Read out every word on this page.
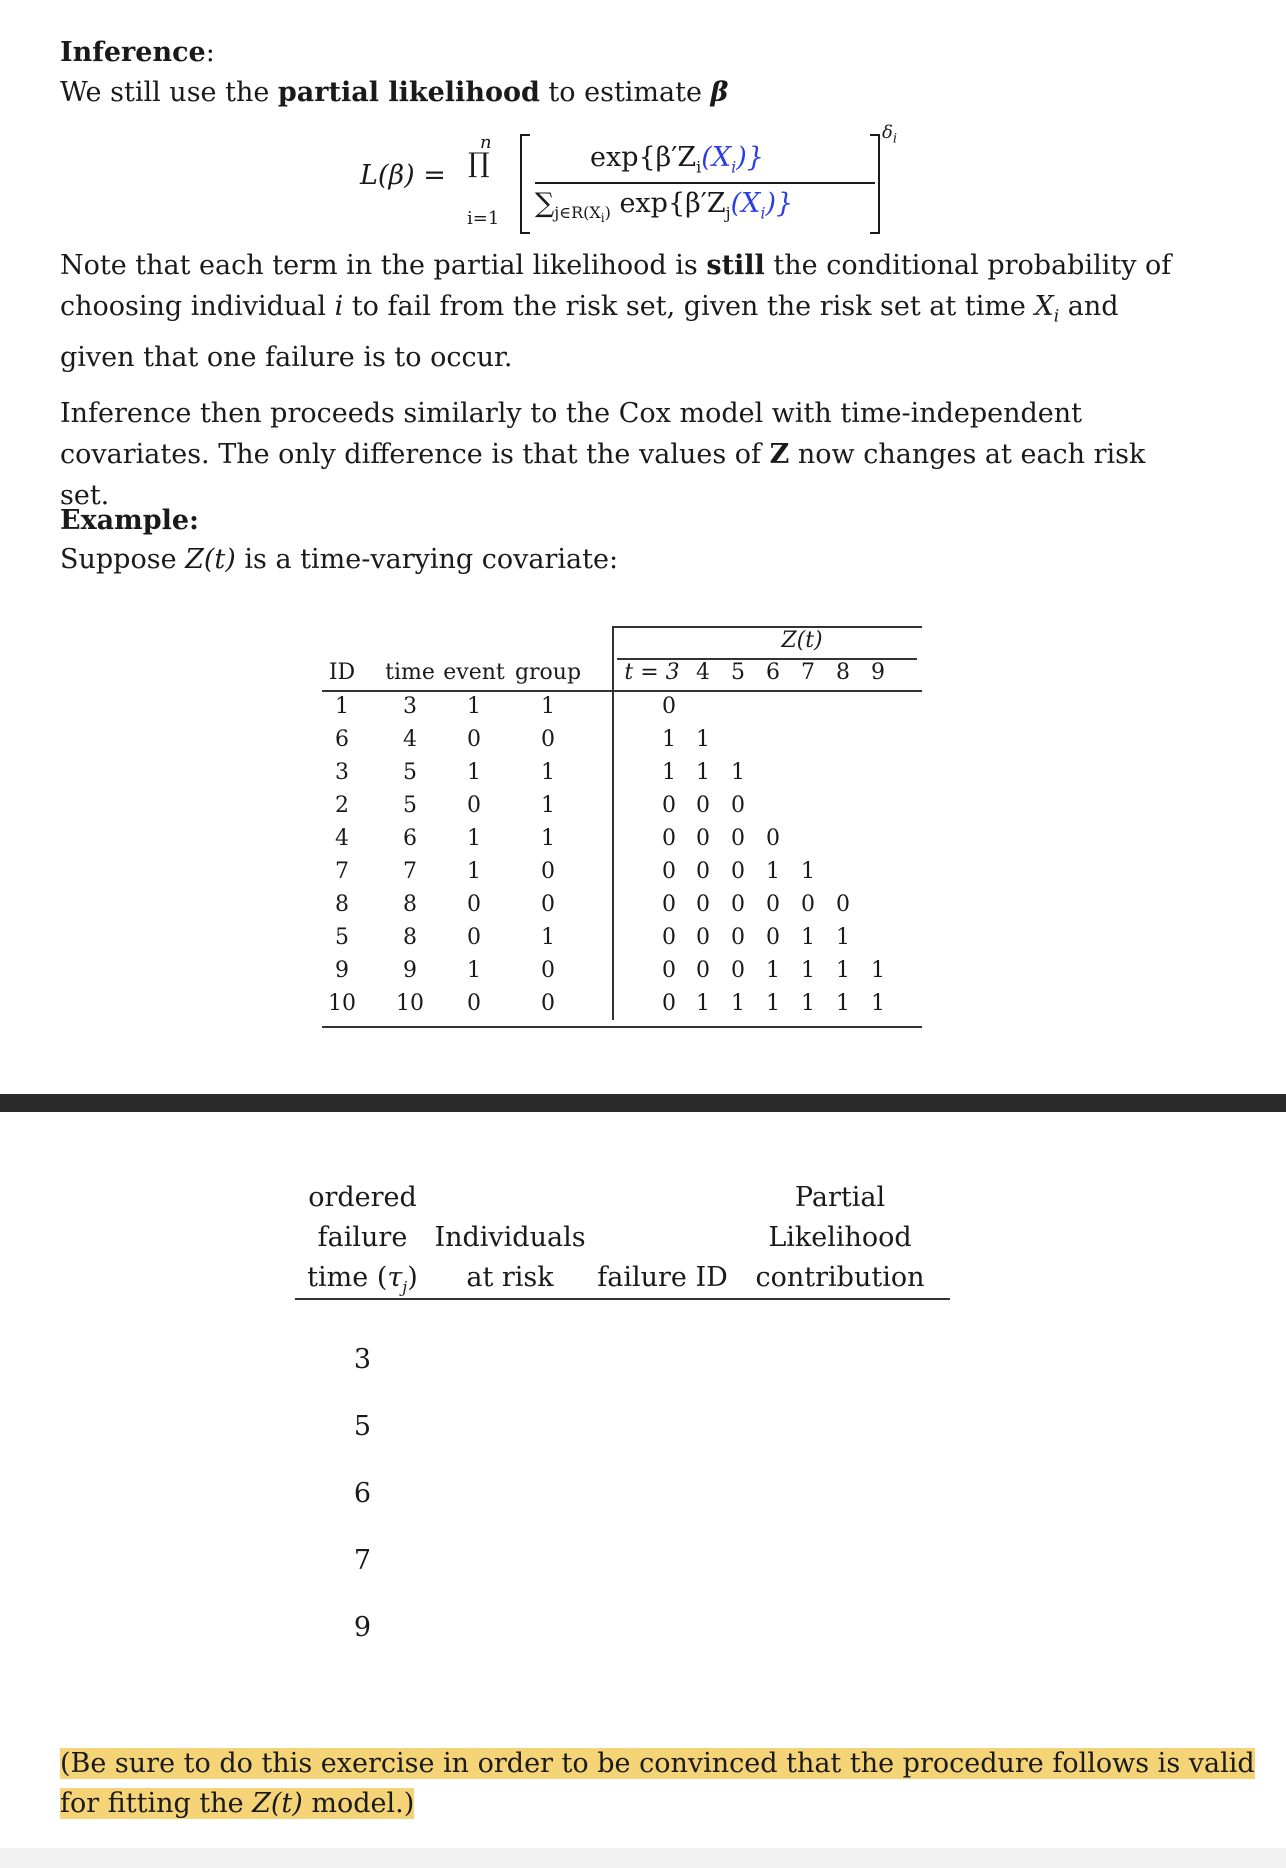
Inference:
We still use the partial likelihood to estimate β
L(β) =
n
∏
i=1
$\exp\{\beta'Z_i(X_i)\}$
$\sum_{j\in R(X_i)}$ $\exp\{\beta'Z_j(X_i)\}$
$\delta_i$
Note that each term in the partial likelihood is still the conditional probability of choosing individual i to fail from the risk set, given the risk set at time $X_i$ and given that one failure is to occur.
Inference then proceeds similarly to the Cox model with time-independent covariates. The only difference is that the values of Z now changes at each risk set.
Example:
Suppose Z(t) is a time-varying covariate:
Z(t)
ID	time event group	t = 3 4 5 6 7 8 9
1	3	1	1	0
6	4	0	0	1 1
3	5	1	1	1 1 1
2	5	0	1	0 0 0
4	6	1	1	0 0 0 0
7	7	1	0	0 0 0 1 1
8	8	0	0	0 0 0 0 0 0
5	8	0	1	0 0 0 0 1 1
9	9	1	0	0 0 0 1 1 1 1
10	10	0	0	0 1 1 1 1 1 1
ordered
failure
time $(\tau_j)$
Individuals
at risk	failure ID
Partial
Likelihood
contribution
3
5
6
7
9
(Be sure to do this exercise in order to be convinced that the procedure follows is valid
for fitting the Z(t) model.)
